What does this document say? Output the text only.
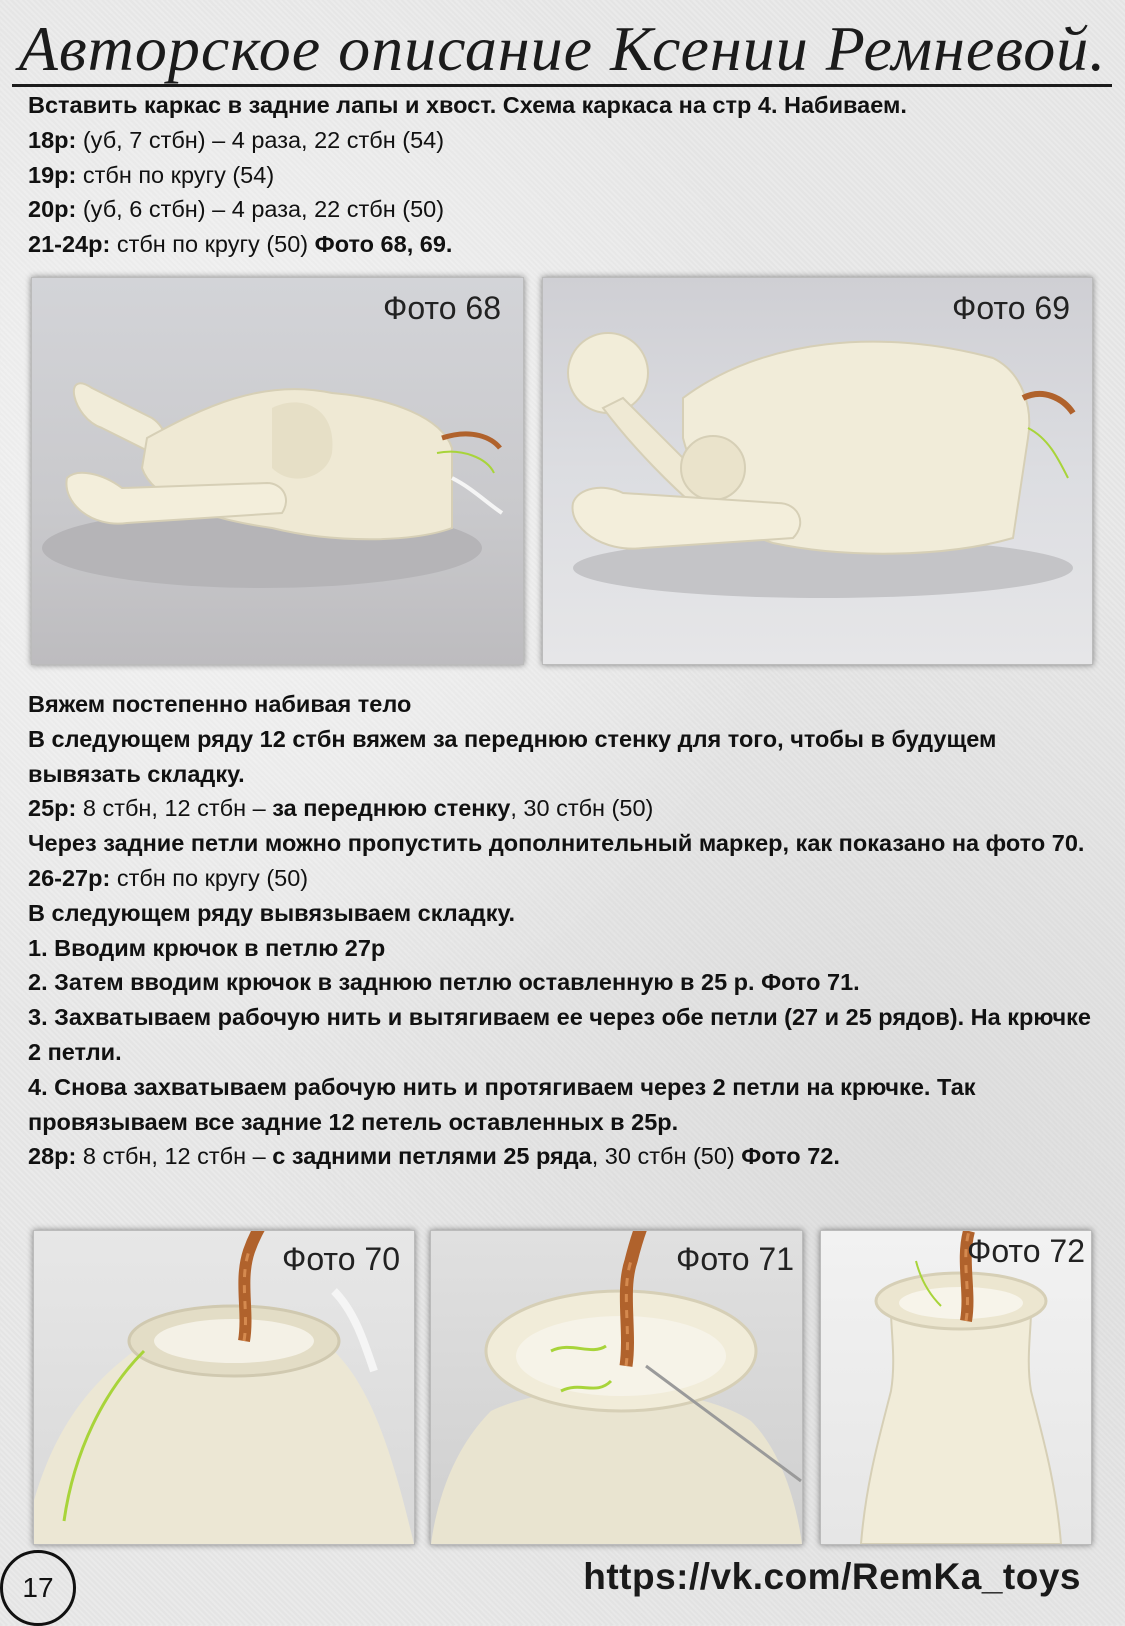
Авторское описание Ксении Ремневой.

Вставить каркас в задние лапы и хвост. Схема каркаса на стр 4. Набиваем.

18р: (уб, 7 стбн) – 4 раза, 22 стбн (54)

19р: стбн по кругу (54)

20р: (уб, 6 стбн) – 4 раза, 22 стбн (50)

21-24р: стбн по кругу (50) Фото 68, 69.

Фото 68	Фото 69

Вяжем постепенно набивая тело

В следующем ряду 12 стбн вяжем за переднюю стенку для того, чтобы в будущем вывязать складку.

25р: 8 стбн, 12 стбн – за переднюю стенку, 30 стбн (50)

Через задние петли можно пропустить дополнительный маркер, как показано на фото 70.

26-27р: стбн по кругу (50)

В следующем ряду вывязываем складку.

1. Вводим крючок в петлю 27р

2. Затем вводим крючок в заднюю петлю оставленную в 25 р. Фото 71.

3. Захватываем рабочую нить и вытягиваем ее через обе петли (27 и 25 рядов). На крючке 2 петли.

4. Снова захватываем рабочую нить и протягиваем через 2 петли на крючке. Так провязываем все задние 12 петель оставленных в 25р.

28р: 8 стбн, 12 стбн – с задними петлями 25 ряда, 30 стбн (50) Фото 72.

Фото 70	Фото 71	Фото 72
17	https://vk.com/RemKa_toys
